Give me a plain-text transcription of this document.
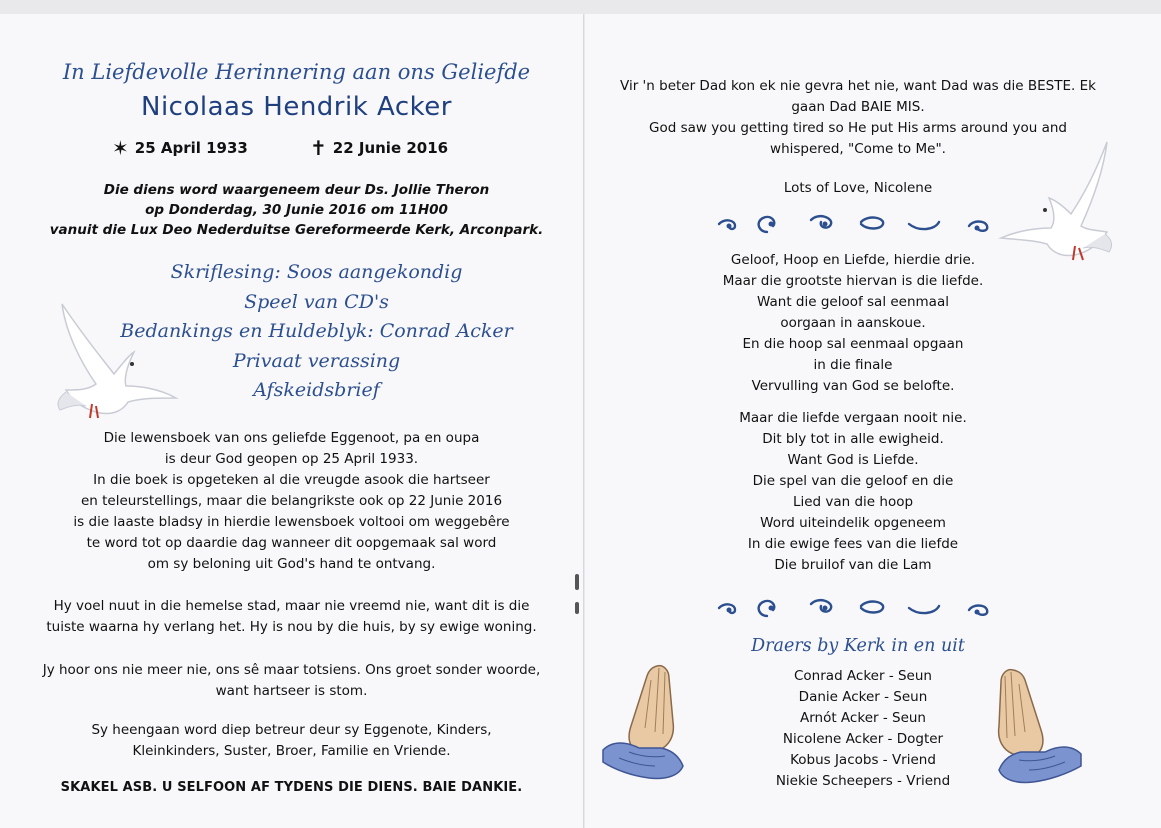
In Liefdevolle Herinnering aan ons Geliefde
Nicolaas Hendrik Acker
✶ 25 April 1933	✝ 22 Junie 2016
Die diens word waargeneem deur Ds. Jollie Theron
op Donderdag, 30 Junie 2016 om 11H00
vanuit die Lux Deo Nederduitse Gereformeerde Kerk, Arconpark.
Skriflesing: Soos aangekondig
Speel van CD's
Bedankings en Huldeblyk: Conrad Acker
Privaat verassing
Afskeidsbrief
Die lewensboek van ons geliefde Eggenoot, pa en oupa
is deur God geopen op 25 April 1933.
In die boek is opgeteken al die vreugde asook die hartseer
en teleurstellings, maar die belangrikste ook op 22 Junie 2016
is die laaste bladsy in hierdie lewensboek voltooi om weggebêre
te word tot op daardie dag wanneer dit oopgemaak sal word
om sy beloning uit God's hand te ontvang.
Hy voel nuut in die hemelse stad, maar nie vreemd nie, want dit is die
tuiste waarna hy verlang het. Hy is nou by die huis, by sy ewige woning.
Jy hoor ons nie meer nie, ons sê maar totsiens. Ons groet sonder woorde,
want hartseer is stom.
Sy heengaan word diep betreur deur sy Eggenote, Kinders,
Kleinkinders, Suster, Broer, Familie en Vriende.
SKAKEL ASB. U SELFOON AF TYDENS DIE DIENS. BAIE DANKIE.
Vir 'n beter Dad kon ek nie gevra het nie, want Dad was die BESTE. Ek
gaan Dad BAIE MIS.
God saw you getting tired so He put His arms around you and
whispered, "Come to Me".
Lots of Love, Nicolene
Geloof, Hoop en Liefde, hierdie drie.
Maar die grootste hiervan is die liefde.
Want die geloof sal eenmaal
oorgaan in aanskoue.
En die hoop sal eenmaal opgaan
in die finale
Vervulling van God se belofte.
Maar die liefde vergaan nooit nie.
Dit bly tot in alle ewigheid.
Want God is Liefde.
Die spel van die geloof en die
Lied van die hoop
Word uiteindelik opgeneem
In die ewige fees van die liefde
Die bruilof van die Lam
Draers by Kerk in en uit
Conrad Acker - Seun
Danie Acker - Seun
Arnót Acker - Seun
Nicolene Acker - Dogter
Kobus Jacobs - Vriend
Niekie Scheepers - Vriend
